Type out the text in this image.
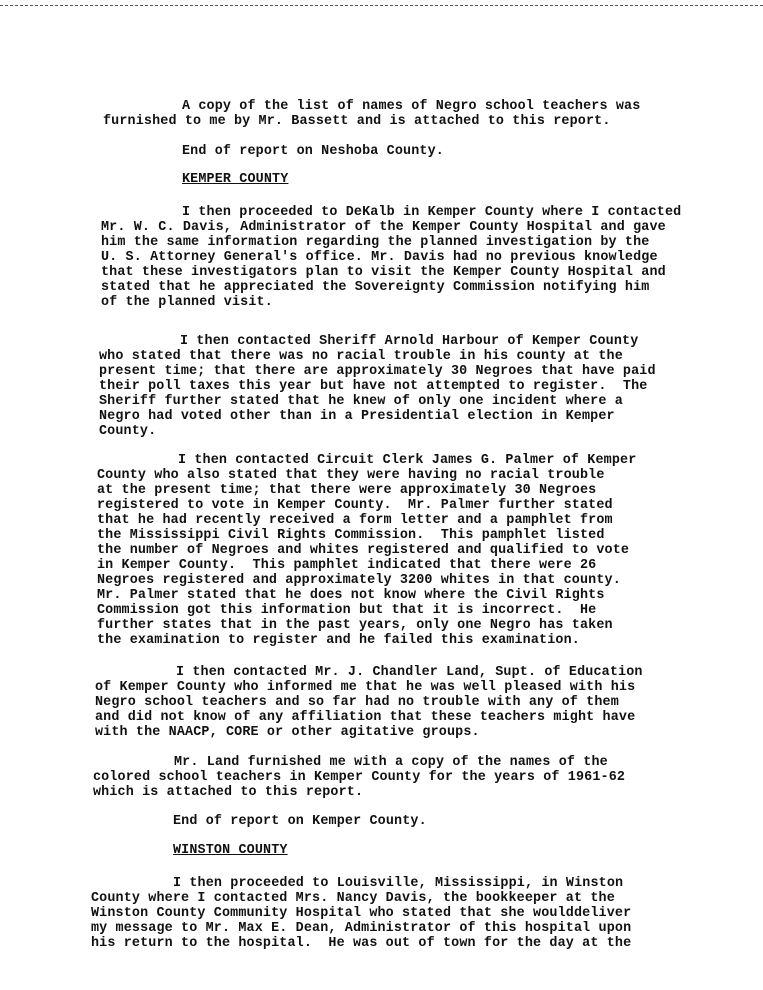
A copy of the list of names of Negro school teachers was
furnished to me by Mr. Bassett and is attached to this report.
End of report on Neshoba County.
KEMPER COUNTY
I then proceeded to DeKalb in Kemper County where I contacted
Mr. W. C. Davis, Administrator of the Kemper County Hospital and gave
him the same information regarding the planned investigation by the
U. S. Attorney General's office. Mr. Davis had no previous knowledge
that these investigators plan to visit the Kemper County Hospital and
stated that he appreciated the Sovereignty Commission notifying him
of the planned visit.
I then contacted Sheriff Arnold Harbour of Kemper County
who stated that there was no racial trouble in his county at the
present time; that there are approximately 30 Negroes that have paid
their poll taxes this year but have not attempted to register.  The
Sheriff further stated that he knew of only one incident where a
Negro had voted other than in a Presidential election in Kemper
County.
I then contacted Circuit Clerk James G. Palmer of Kemper
County who also stated that they were having no racial trouble
at the present time; that there were approximately 30 Negroes
registered to vote in Kemper County.  Mr. Palmer further stated
that he had recently received a form letter and a pamphlet from
the Mississippi Civil Rights Commission.  This pamphlet listed
the number of Negroes and whites registered and qualified to vote
in Kemper County.  This pamphlet indicated that there were 26
Negroes registered and approximately 3200 whites in that county.
Mr. Palmer stated that he does not know where the Civil Rights
Commission got this information but that it is incorrect.  He
further states that in the past years, only one Negro has taken
the examination to register and he failed this examination.
I then contacted Mr. J. Chandler Land, Supt. of Education
of Kemper County who informed me that he was well pleased with his
Negro school teachers and so far had no trouble with any of them
and did not know of any affiliation that these teachers might have
with the NAACP, CORE or other agitative groups.
Mr. Land furnished me with a copy of the names of the
colored school teachers in Kemper County for the years of 1961-62
which is attached to this report.
End of report on Kemper County.
WINSTON COUNTY
I then proceeded to Louisville, Mississippi, in Winston
County where I contacted Mrs. Nancy Davis, the bookkeeper at the
Winston County Community Hospital who stated that she woulddeliver
my message to Mr. Max E. Dean, Administrator of this hospital upon
his return to the hospital.  He was out of town for the day at the
